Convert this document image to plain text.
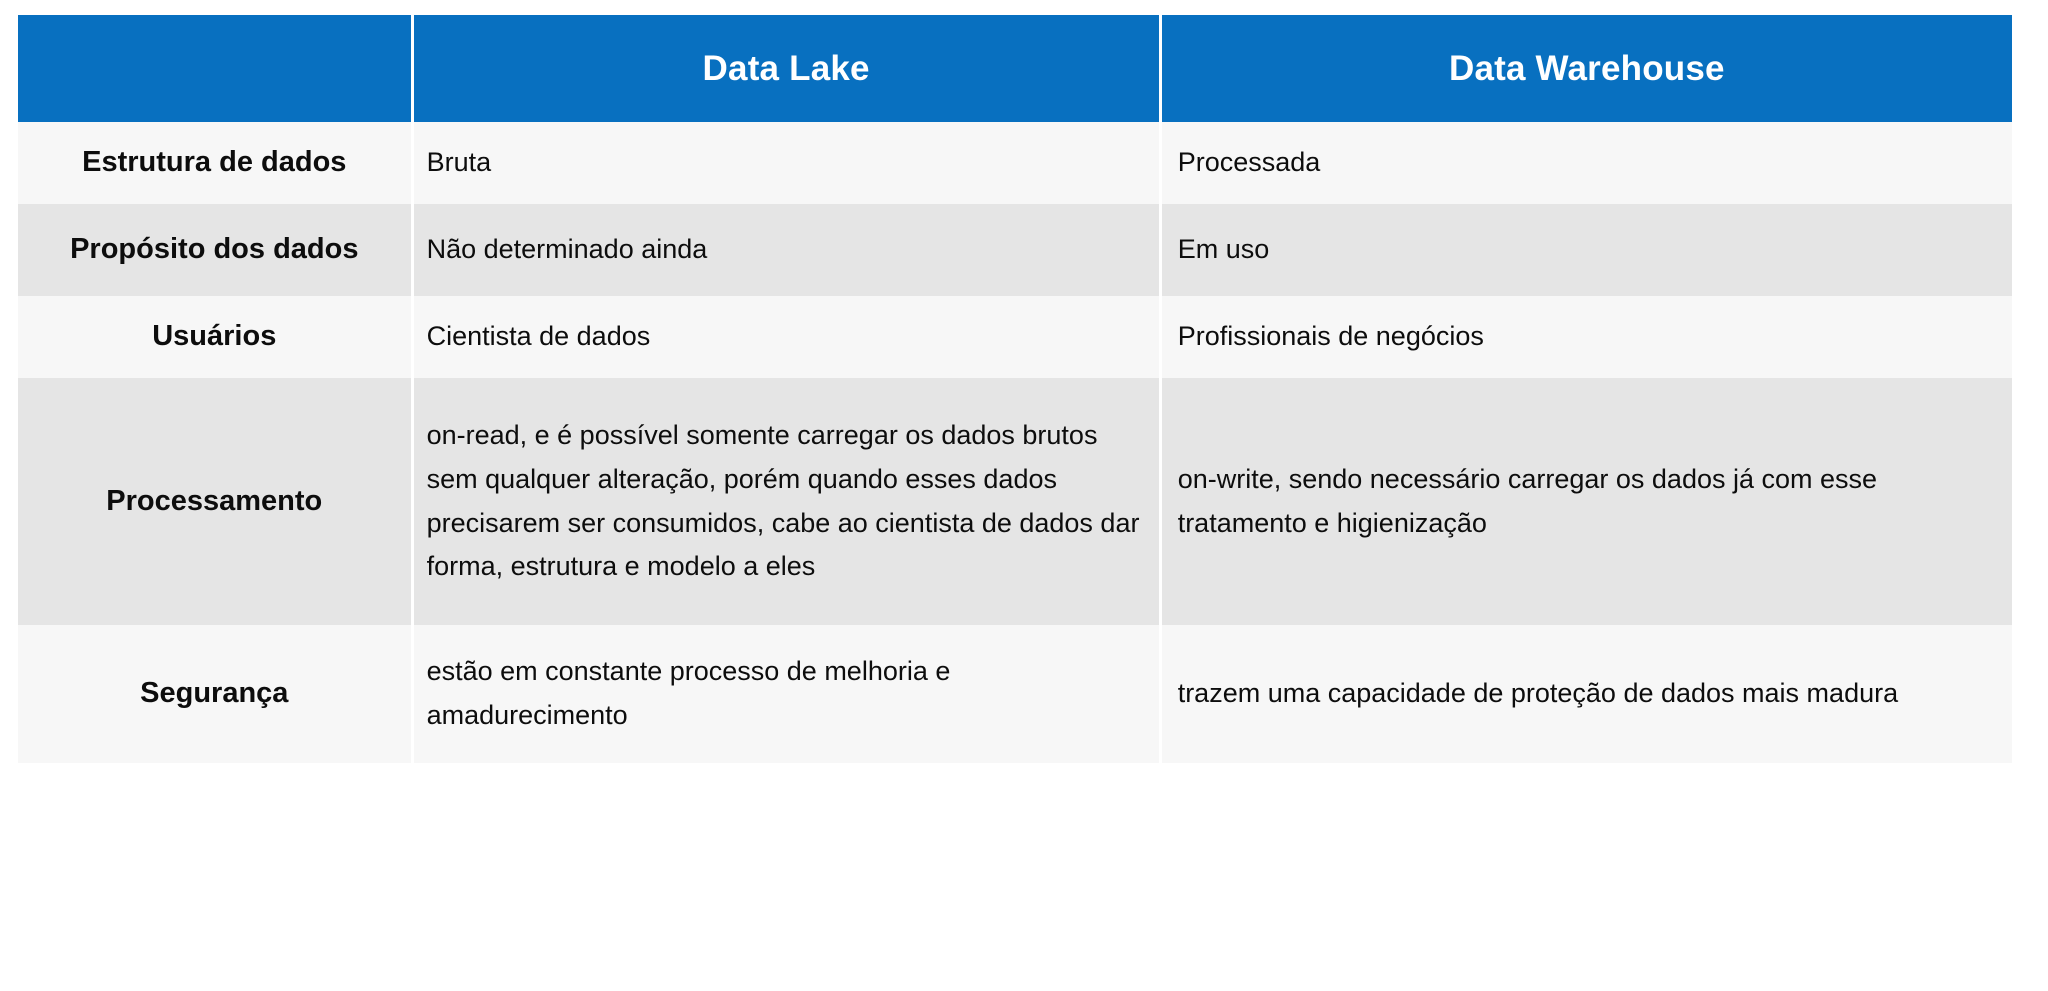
	Data Lake	Data Warehouse
Estrutura de dados	Bruta	Processada
Propósito dos dados	Não determinado ainda	Em uso
Usuários	Cientista de dados	Profissionais de negócios
Processamento	on-read, e é possível somente carregar os dados brutos sem qualquer alteração, porém quando esses dados precisarem ser consumidos, cabe ao cientista de dados dar forma, estrutura e modelo a eles	on-write, sendo necessário carregar os dados já com esse tratamento e higienização
Segurança	estão em constante processo de melhoria e amadurecimento	trazem uma capacidade de proteção de dados mais madura
